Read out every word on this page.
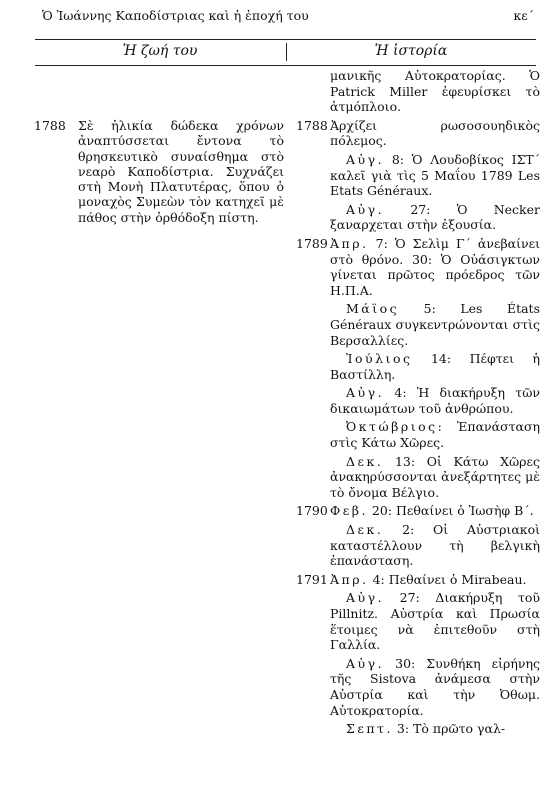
Ὁ Ἰωάννης Καποδίστριας καὶ ἡ ἐποχή του	κε΄
Ἡ ζωή του	Ἡ ἱστορία
1788 Σὲ ἡλικία δώδεκα χρόνων ἀναπτύσσεται ἔντονα τὸ θρησκευτικὸ συναίσθημα στὸ νεαρὸ Καποδίστρια. Συχνάζει στὴ Μονὴ Πλατυτέρας, ὅπου ὁ μοναχὸς Συμεὼν τὸν κατηχεῖ μὲ πάθος στὴν ὀρθόδοξη πίστη.
μανικῆς Αὐτοκρατορίας. Ὁ Patrick Miller ἐφευρίσκει τὸ ἀτμόπλοιο.
1788 Ἀρχίζει ρωσοσουηδικὸς πόλεμος.
Αὐγ. 8: Ὁ Λουδοβίκος ΙΣΤ΄ καλεῖ γιὰ τὶς 5 Μαΐου 1789 Les Etats Généraux.
Αὐγ. 27: Ὁ Necker ξαναρχεται στὴν ἐξουσία.
1789 Ἀπρ. 7: Ὁ Σελὶμ Γ΄ ἀνεβαίνει στὸ θρόνο. 30: Ὁ Οὐάσιγκτων γίνεται πρῶτος πρόεδρος τῶν Η.Π.Α.
Μάϊος 5: Les États Généraux συγκεντρώνονται στὶς Βερσαλλίες.
Ἰούλιος 14: Πέφτει ἡ Βαστίλλη.
Αὐγ. 4: Ἡ διακήρυξη τῶν δικαιωμάτων τοῦ ἀνθρώπου.
Ὀκτώβριος: Ἐπανάσταση στὶς Κάτω Χῶρες.
Δεκ. 13: Οἱ Κάτω Χῶρες ἀνακηρύσσονται ἀνεξάρτητες μὲ τὸ ὄνομα Βέλγιο.
1790 Φεβ. 20: Πεθαίνει ὁ Ἰωσὴφ Β΄.
Δεκ. 2: Οἱ Αὐστριακοὶ καταστέλλουν τὴ βελγικὴ ἐπανάσταση.
1791 Ἀπρ. 4: Πεθαίνει ὁ Mirabeau.
Αὐγ. 27: Διακήρυξη τοῦ Pillnitz. Αὐστρία καὶ Πρωσία ἕτοιμες νὰ ἐπιτεθοῦν στὴ Γαλλία.
Αὐγ. 30: Συνθήκη εἰρήνης τῆς Sistova ἀνάμεσα στὴν Αὐστρία καὶ τὴν Ὀθωμ. Αὐτοκρατορία.
Σεπτ. 3: Τὸ πρῶτο γαλ-
